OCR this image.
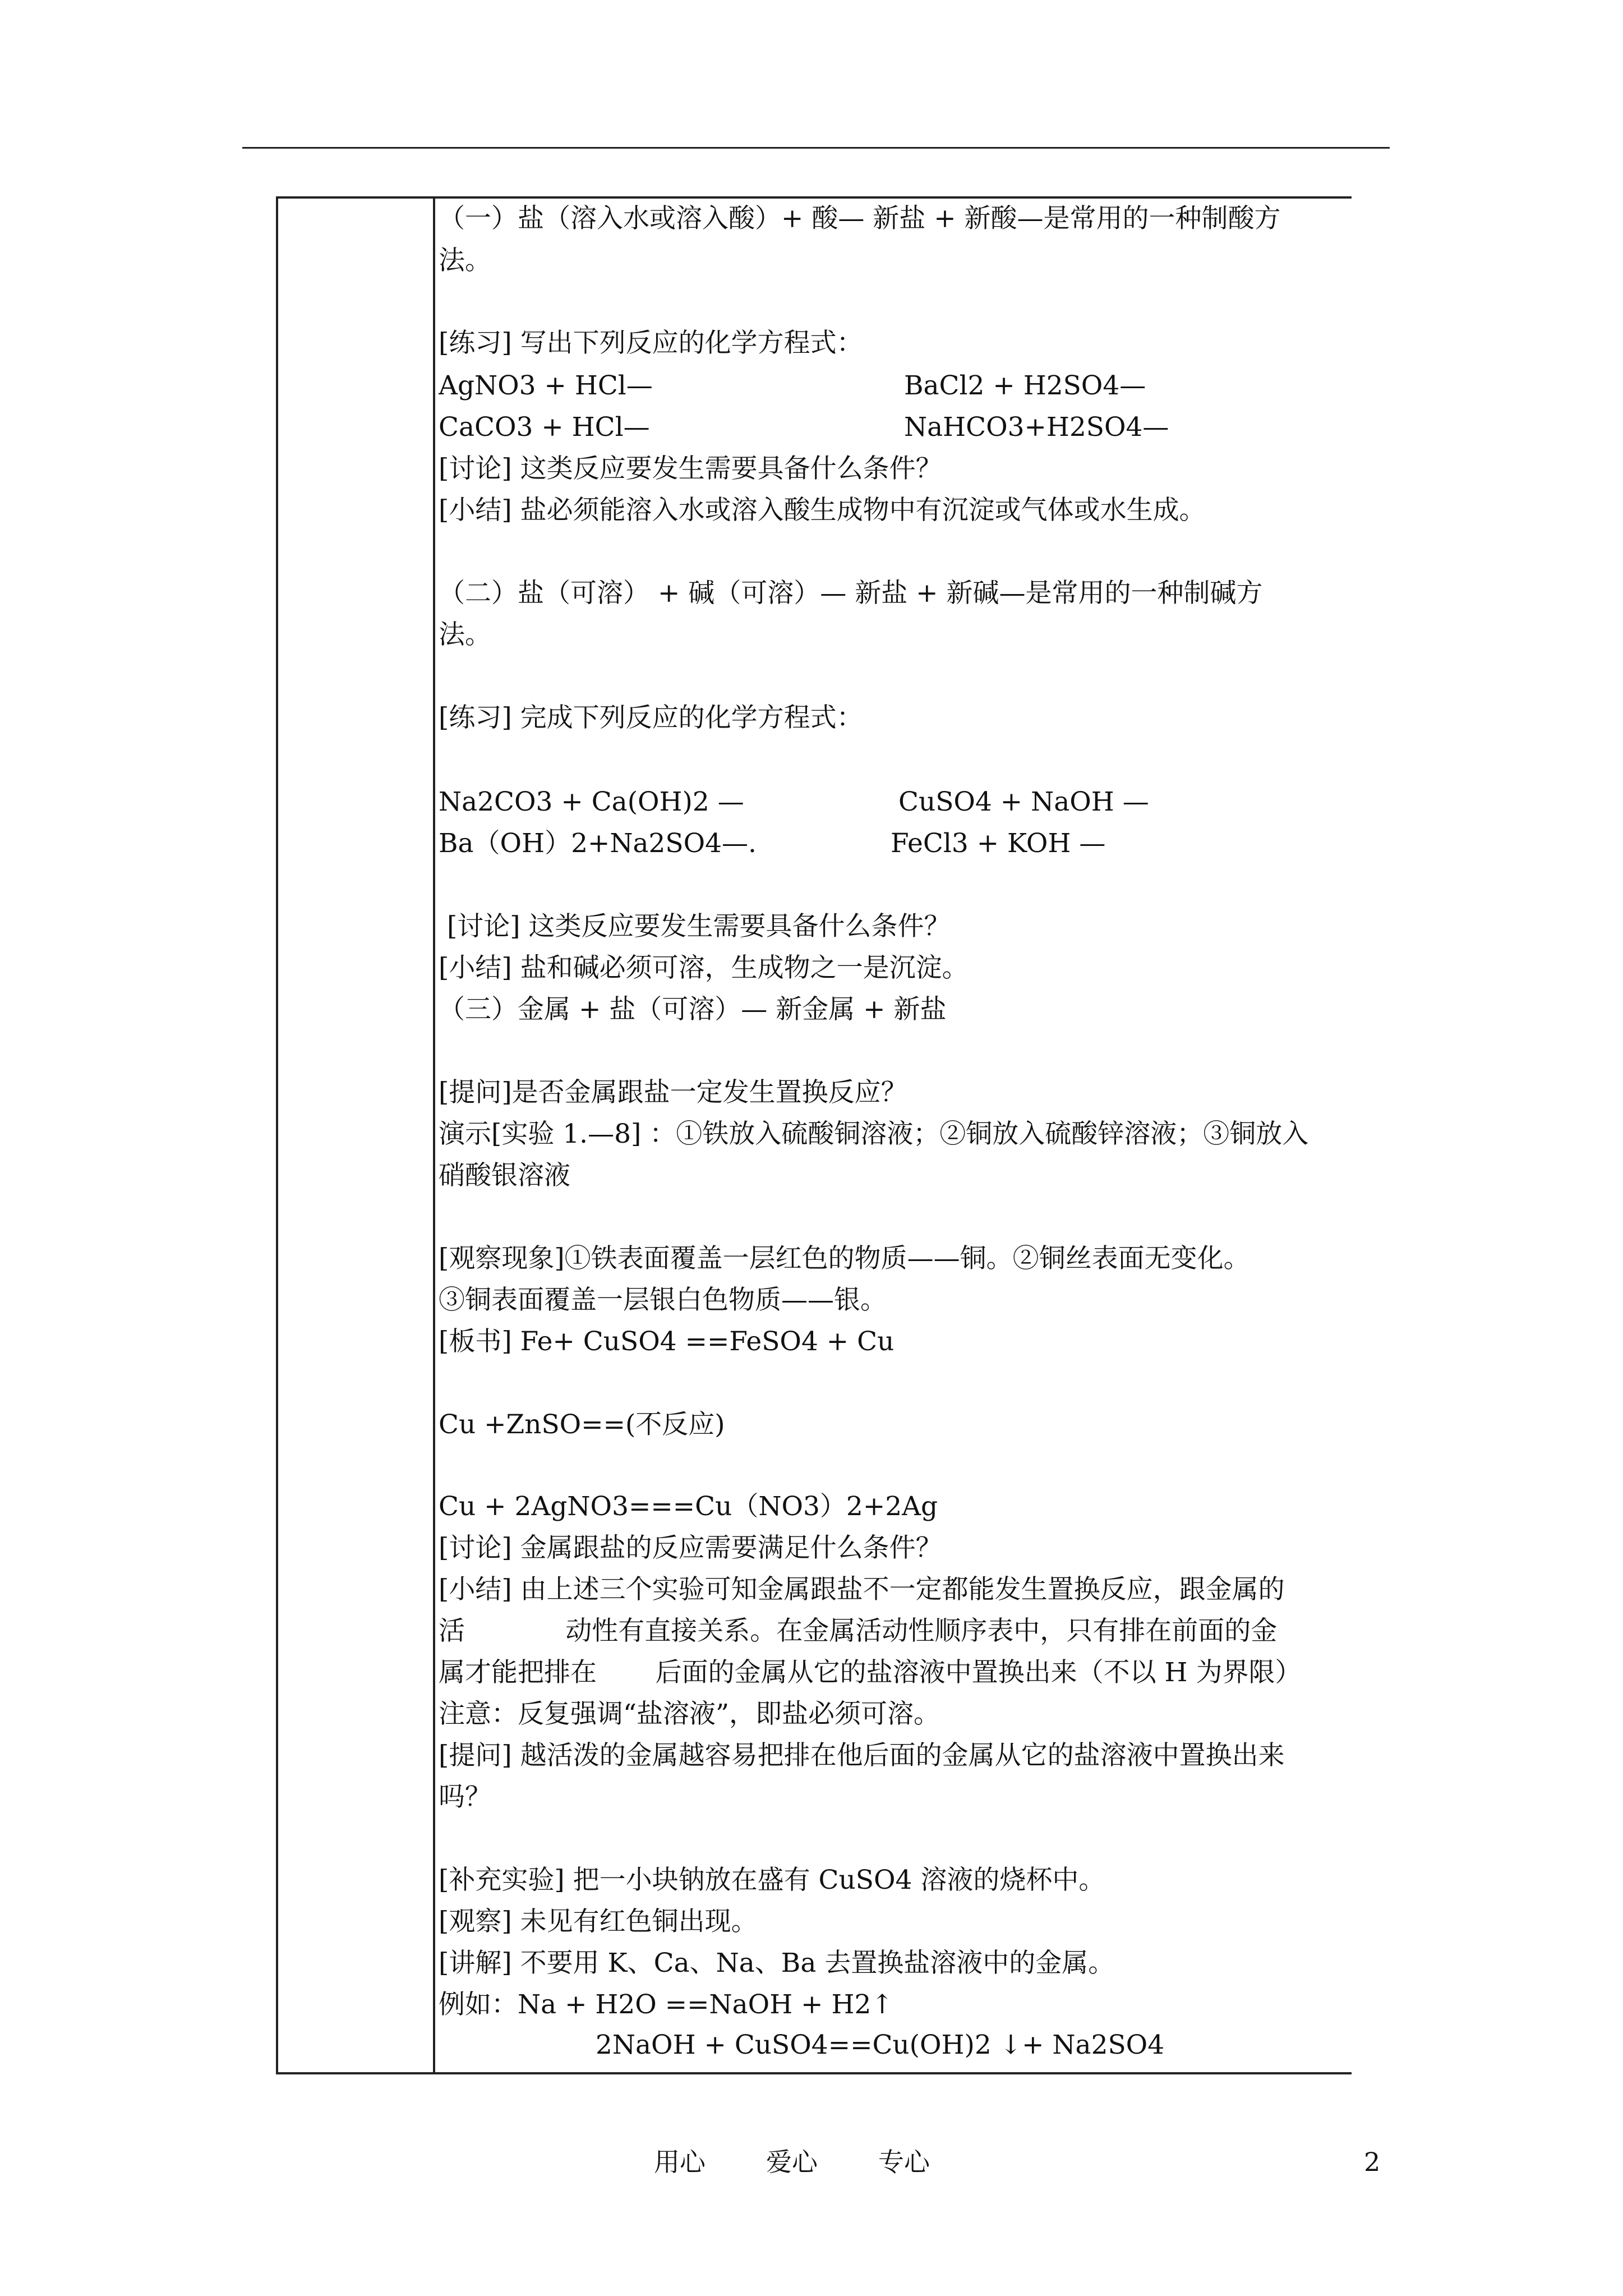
（一）盐（溶入水或溶入酸）+ 酸— 新盐 + 新酸—是常用的一种制酸方
法。
[练习] 写出下列反应的化学方程式：
AgNO3 + HCl—	BaCl2 + H2SO4—
CaCO3 + HCl—	NaHCO3+H2SO4—
[讨论] 这类反应要发生需要具备什么条件？
[小结] 盐必须能溶入水或溶入酸生成物中有沉淀或气体或水生成。
（二）盐（可溶） + 碱（可溶）— 新盐 + 新碱—是常用的一种制碱方
法。
[练习] 完成下列反应的化学方程式：
Na2CO3 + Ca(OH)2 —	CuSO4 + NaOH —
Ba（OH）2+Na2SO4—.	FeCl3 + KOH —
[讨论] 这类反应要发生需要具备什么条件？
[小结] 盐和碱必须可溶，生成物之一是沉淀。
（三）金属 + 盐（可溶）— 新金属 + 新盐
[提问]是否金属跟盐一定发生置换反应？
演示[实验 1.—8] ：①铁放入硫酸铜溶液；②铜放入硫酸锌溶液；③铜放入
硝酸银溶液
[观察现象]①铁表面覆盖一层红色的物质——铜。②铜丝表面无变化。
③铜表面覆盖一层银白色物质——银。
[板书] Fe+ CuSO4 ==FeSO4 + Cu
Cu +ZnSO==(不反应)
Cu + 2AgNO3===Cu（NO3）2+2Ag
[讨论] 金属跟盐的反应需要满足什么条件？
[小结] 由上述三个实验可知金属跟盐不一定都能发生置换反应，跟金属的
活            动性有直接关系。在金属活动性顺序表中，只有排在前面的金
属才能把排在       后面的金属从它的盐溶液中置换出来（不以 H 为界限）
注意：反复强调“盐溶液”，即盐必须可溶。
[提问] 越活泼的金属越容易把排在他后面的金属从它的盐溶液中置换出来
吗？
[补充实验] 把一小块钠放在盛有 CuSO4 溶液的烧杯中。
[观察] 未见有红色铜出现。
[讲解] 不要用 K、Ca、Na、Ba 去置换盐溶液中的金属。
例如：Na + H2O ==NaOH + H2↑
2NaOH + CuSO4==Cu(OH)2 ↓+ Na2SO4
用心 爱心 专心	2
